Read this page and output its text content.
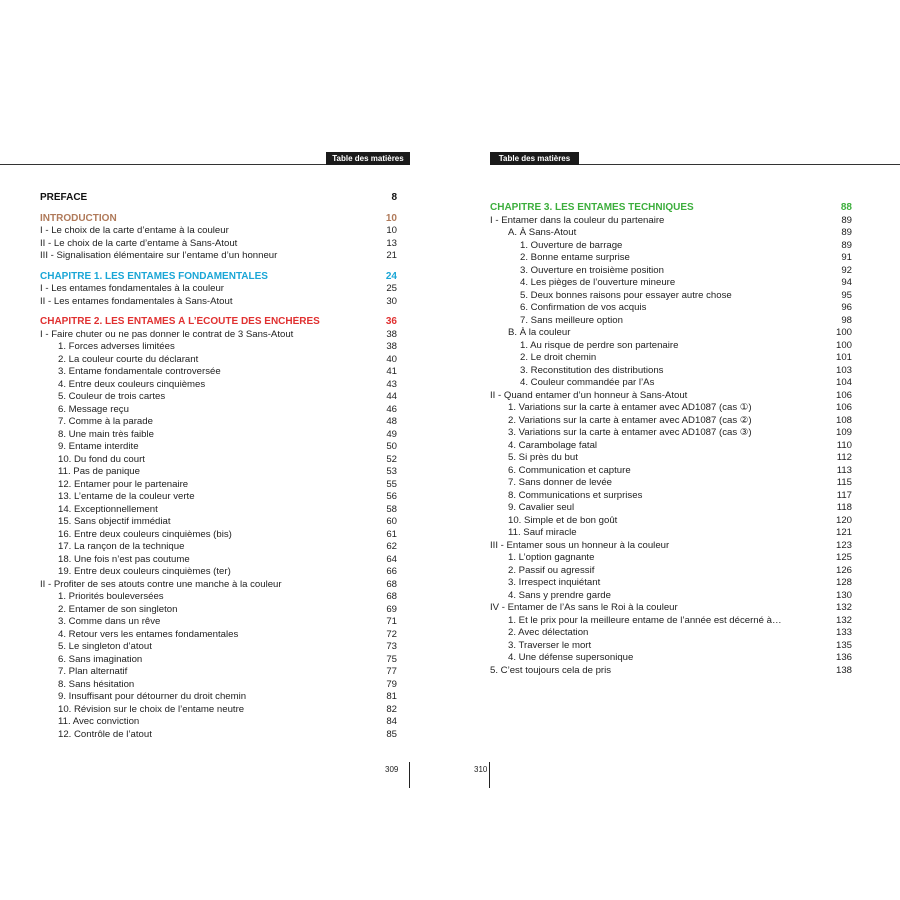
Table des matières	Table des matières
PRÉFACE	8
INTRODUCTION	10
I - Le choix de la carte d’entame à la couleur	10
II - Le choix de la carte d’entame à Sans-Atout	13
III - Signalisation élémentaire sur l’entame d’un honneur	21
CHAPITRE 1. LES ENTAMES FONDAMENTALES	24
I - Les entames fondamentales à la couleur	25
II - Les entames fondamentales à Sans-Atout	30
CHAPITRE 2. LES ENTAMES À L’ÉCOUTE DES ENCHÈRES	36
I - Faire chuter ou ne pas donner le contrat de 3 Sans-Atout	38
1. Forces adverses limitées	38
2. La couleur courte du déclarant	40
3. Entame fondamentale controversée	41
4. Entre deux couleurs cinquièmes	43
5. Couleur de trois cartes	44
6. Message reçu	46
7. Comme à la parade	48
8. Une main très faible	49
9. Entame interdite	50
10. Du fond du court	52
11. Pas de panique	53
12. Entamer pour le partenaire	55
13. L’entame de la couleur verte	56
14. Exceptionnellement	58
15. Sans objectif immédiat	60
16. Entre deux couleurs cinquièmes (bis)	61
17. La rançon de la technique	62
18. Une fois n’est pas coutume	64
19. Entre deux couleurs cinquièmes (ter)	66
II - Profiter de ses atouts contre une manche à la couleur	68
1. Priorités bouleversées	68
2. Entamer de son singleton	69
3. Comme dans un rêve	71
4. Retour vers les entames fondamentales	72
5. Le singleton d’atout	73
6. Sans imagination	75
7. Plan alternatif	77
8. Sans hésitation	79
9. Insuffisant pour détourner du droit chemin	81
10. Révision sur le choix de l’entame neutre	82
11. Avec conviction	84
12. Contrôle de l’atout	85
CHAPITRE 3. LES ENTAMES TECHNIQUES	88
I - Entamer dans la couleur du partenaire	89
A. À Sans-Atout	89
1. Ouverture de barrage	89
2. Bonne entame surprise	91
3. Ouverture en troisième position	92
4. Les pièges de l’ouverture mineure	94
5. Deux bonnes raisons pour essayer autre chose	95
6. Confirmation de vos acquis	96
7. Sans meilleure option	98
B. À la couleur	100
1. Au risque de perdre son partenaire	100
2. Le droit chemin	101
3. Reconstitution des distributions	103
4. Couleur commandée par l’As	104
II - Quand entamer d’un honneur à Sans-Atout	106
1. Variations sur la carte à entamer avec AD1087 (cas ①)	106
2. Variations sur la carte à entamer avec AD1087 (cas ②)	108
3. Variations sur la carte à entamer avec AD1087 (cas ③)	109
4. Carambolage fatal	110
5. Si près du but	112
6. Communication et capture	113
7. Sans donner de levée	115
8. Communications et surprises	117
9. Cavalier seul	118
10. Simple et de bon goût	120
11. Sauf miracle	121
III - Entamer sous un honneur à la couleur	123
1. L’option gagnante	125
2. Passif ou agressif	126
3. Irrespect inquiétant	128
4. Sans y prendre garde	130
IV - Entamer de l’As sans le Roi à la couleur	132
1. Et le prix pour la meilleure entame de l’année est décerné à…	132
2. Avec délectation	133
3. Traverser le mort	135
4. Une défense supersonique	136
5. C’est toujours cela de pris	138
309	310
